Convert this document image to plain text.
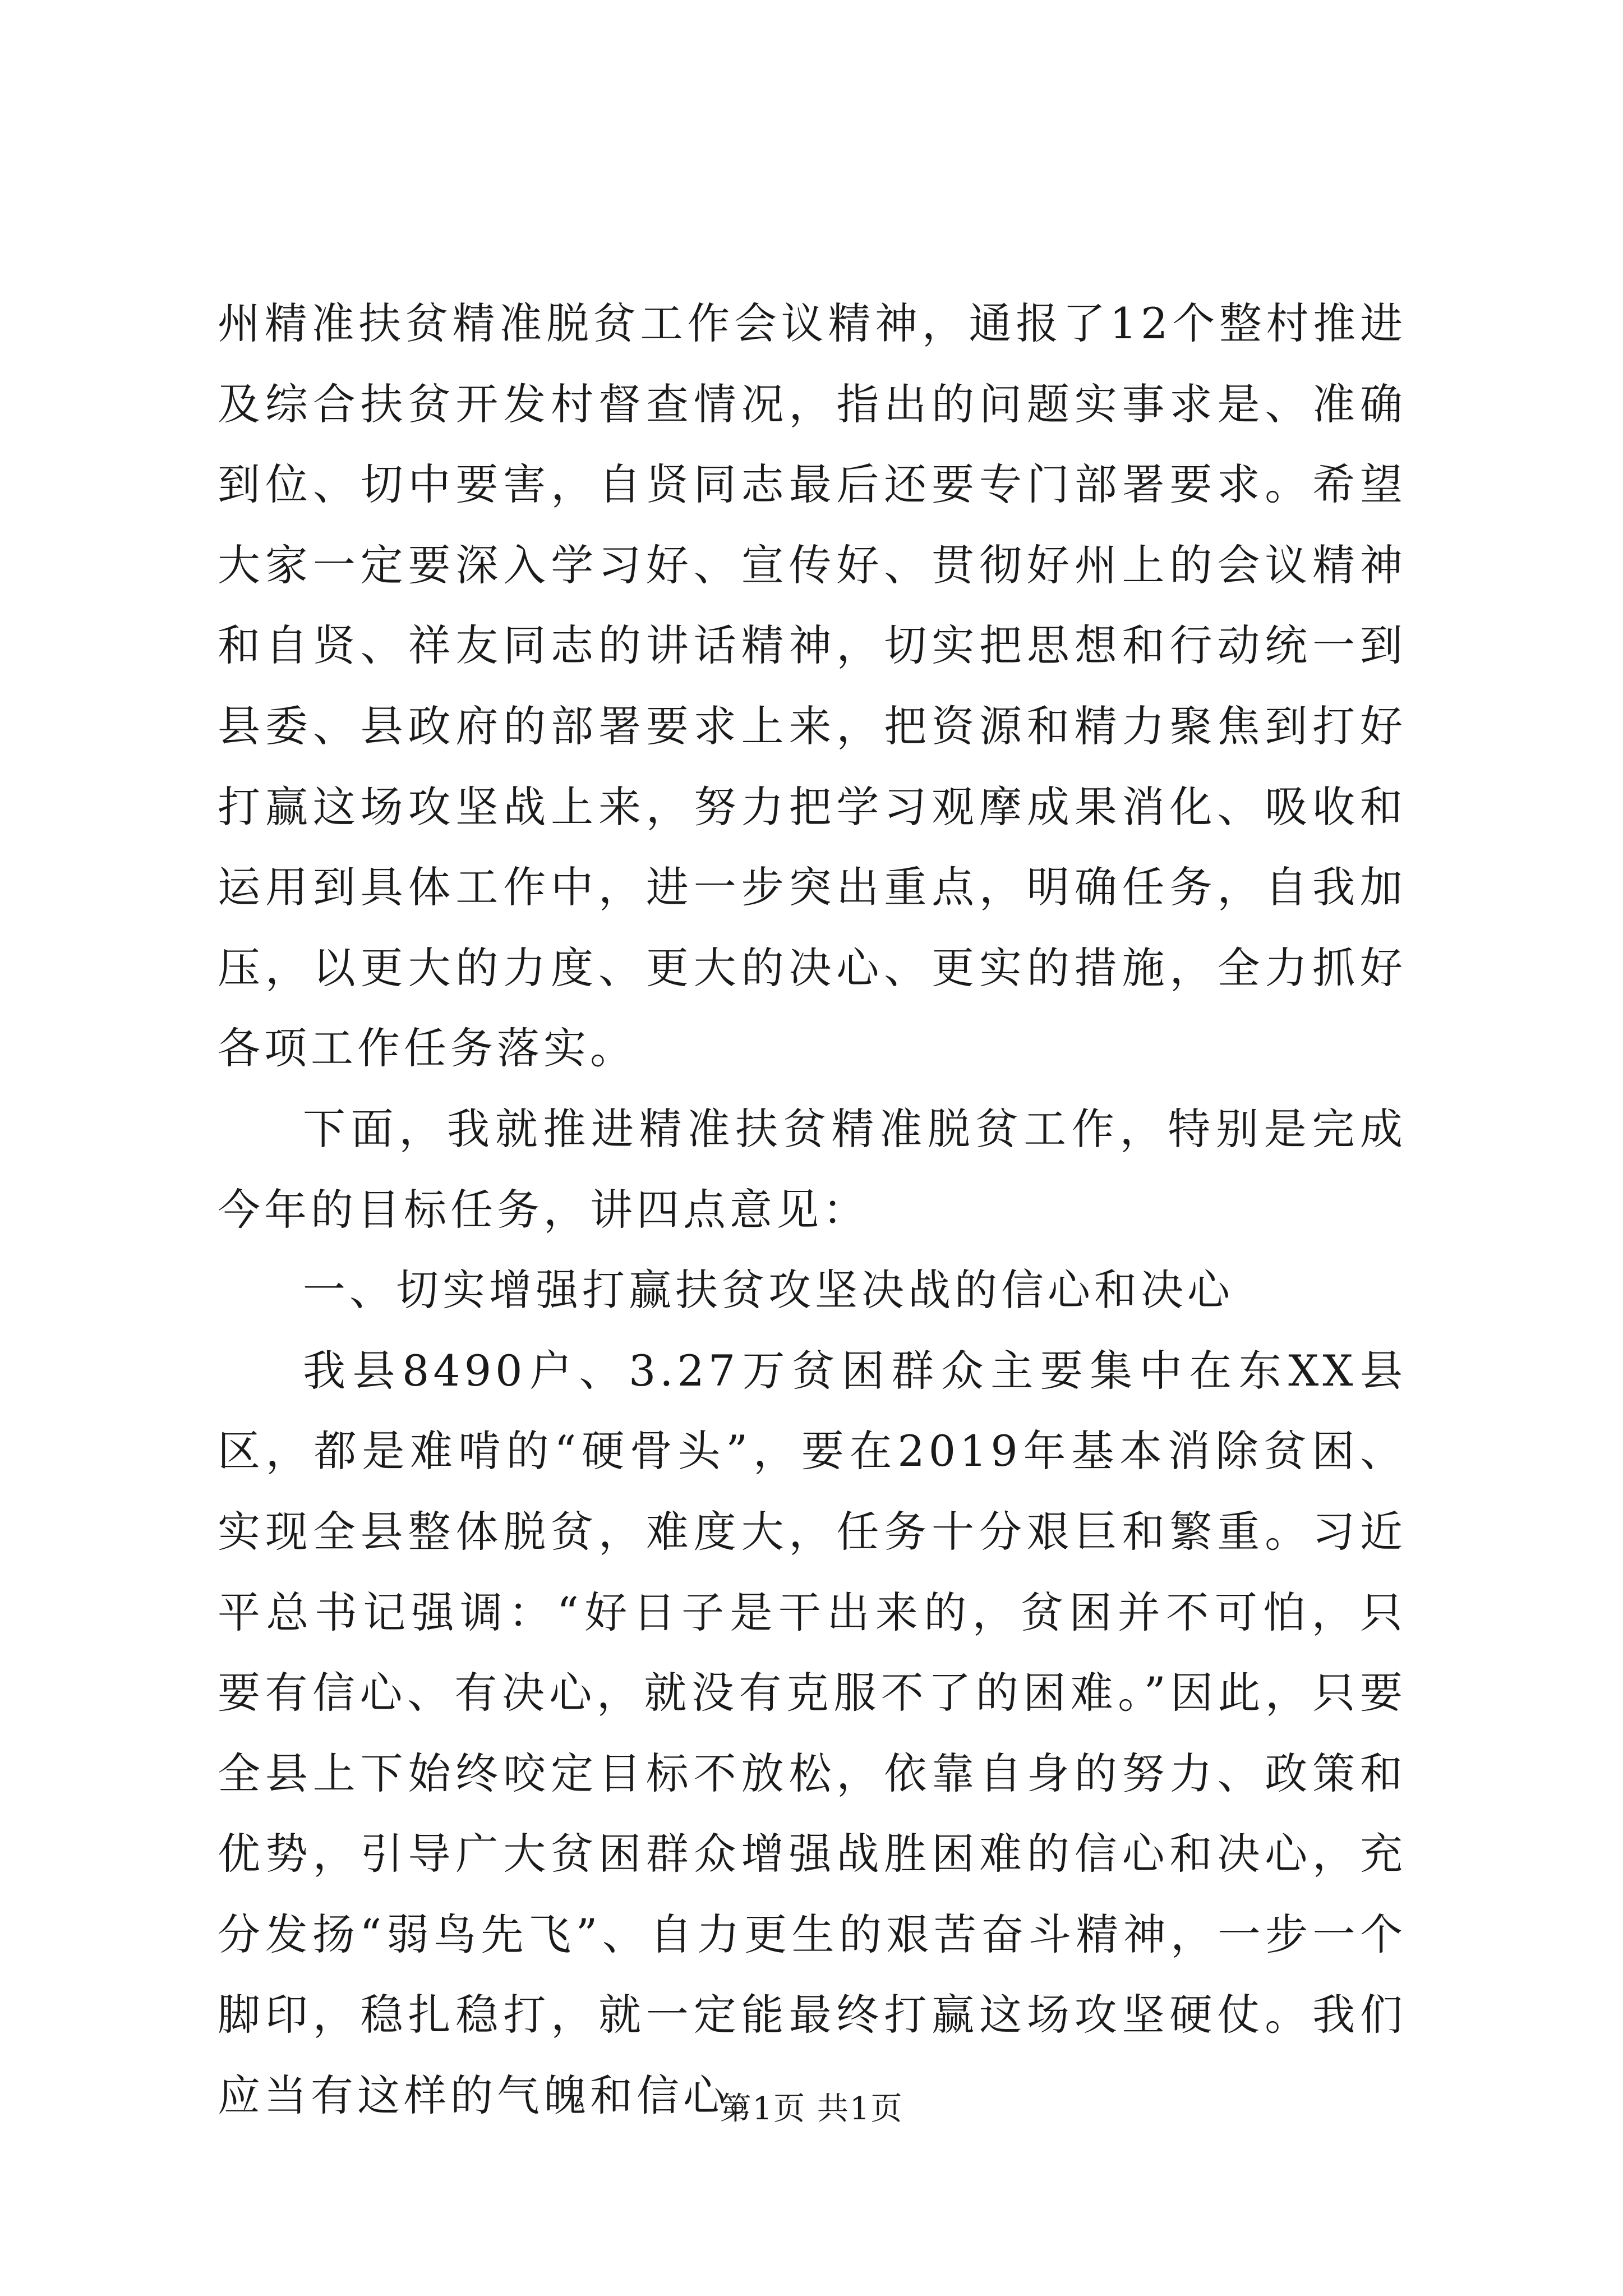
州精准扶贫精准脱贫工作会议精神，通报了12个整村推进及综合扶贫开发村督查情况，指出的问题实事求是、准确到位、切中要害，自贤同志最后还要专门部署要求。希望大家一定要深入学习好、宣传好、贯彻好州上的会议精神和自贤、祥友同志的讲话精神，切实把思想和行动统一到县委、县政府的部署要求上来，把资源和精力聚焦到打好打赢这场攻坚战上来，努力把学习观摩成果消化、吸收和运用到具体工作中，进一步突出重点，明确任务，自我加压，以更大的力度、更大的决心、更实的措施，全力抓好各项工作任务落实。

下面，我就推进精准扶贫精准脱贫工作，特别是完成今年的目标任务，讲四点意见：

一、切实增强打赢扶贫攻坚决战的信心和决心

我县8490户、3.27万贫困群众主要集中在东XX县区，都是难啃的“硬骨头”，要在2019年基本消除贫困、实现全县整体脱贫，难度大，任务十分艰巨和繁重。习近平总书记强调：“好日子是干出来的，贫困并不可怕，只要有信心、有决心，就没有克服不了的困难。”因此，只要全县上下始终咬定目标不放松，依靠自身的努力、政策和优势，引导广大贫困群众增强战胜困难的信心和决心，充分发扬“弱鸟先飞”、自力更生的艰苦奋斗精神，一步一个脚印，稳扎稳打，就一定能最终打赢这场攻坚硬仗。我们应当有这样的气魄和信心。

第1页 共1页
